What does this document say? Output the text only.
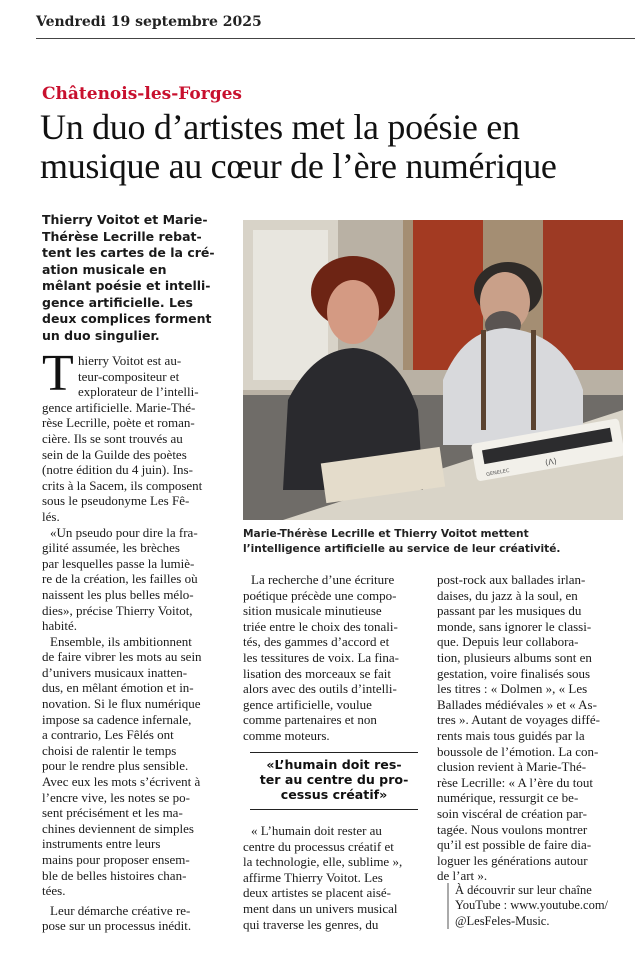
Vendredi 19 septembre 2025
Châtenois-les-Forges
Un duo d’artistes met la poésie en
musique au cœur de l’ère numérique
Thierry Voitot et Marie-
Thérèse Lecrille rebat-
tent les cartes de la cré-
ation musicale en
mêlant poésie et intelli-
gence artificielle. Les
deux complices forment
un duo singulier.
T hierry Voitot est au-
teur-compositeur et
explorateur de l’intelli-
gence artificielle. Marie-Thé-
rèse Lecrille, poète et roman-
cière. Ils se sont trouvés au
sein de la Guilde des poètes
(notre édition du 4 juin). Ins-
crits à la Sacem, ils composent
sous le pseudonyme Les Fê-
lés.
«Un pseudo pour dire la fra-
gilité assumée, les brèches
par lesquelles passe la lumiè-
re de la création, les failles où
naissent les plus belles mélo-
dies», précise Thierry Voitot,
habité.
Ensemble, ils ambitionnent
de faire vibrer les mots au sein
d’univers musicaux inatten-
dus, en mêlant émotion et in-
novation. Si le flux numérique
impose sa cadence infernale,
a contrario, Les Fêlés ont
choisi de ralentir le temps
pour le rendre plus sensible.
Avec eux les mots s’écrivent à
l’encre vive, les notes se po-
sent précisément et les ma-
chines deviennent de simples
instruments entre leurs
mains pour proposer ensem-
ble de belles histoires chan-
tées.
Leur démarche créative re-
pose sur un processus inédit.
(Λ)
GENELEC
Marie-Thérèse Lecrille et Thierry Voitot mettent
l’intelligence artificielle au service de leur créativité.
La recherche d’une écriture
poétique précède une compo-
sition musicale minutieuse
triée entre le choix des tonali-
tés, des gammes d’accord et
les tessitures de voix. La fina-
lisation des morceaux se fait
alors avec des outils d’intelli-
gence artificielle, voulue
comme partenaires et non
comme moteurs.
«L’humain doit res-
ter au centre du pro-
cessus créatif»
« L’humain doit rester au
centre du processus créatif et
la technologie, elle, sublime »,
affirme Thierry Voitot. Les
deux artistes se placent aisé-
ment dans un univers musical
qui traverse les genres, du
post-rock aux ballades irlan-
daises, du jazz à la soul, en
passant par les musiques du
monde, sans ignorer le classi-
que. Depuis leur collabora-
tion, plusieurs albums sont en
gestation, voire finalisés sous
les titres : « Dolmen », « Les
Ballades médiévales » et « As-
tres ». Autant de voyages diffé-
rents mais tous guidés par la
boussole de l’émotion. La con-
clusion revient à Marie-Thé-
rèse Lecrille: « A l’ère du tout
numérique, ressurgit ce be-
soin viscéral de création par-
tagée. Nous voulons montrer
qu’il est possible de faire dia-
loguer les générations autour
de l’art ».
À découvrir sur leur chaîne
YouTube : www.youtube.com/
@LesFeles-Music.
